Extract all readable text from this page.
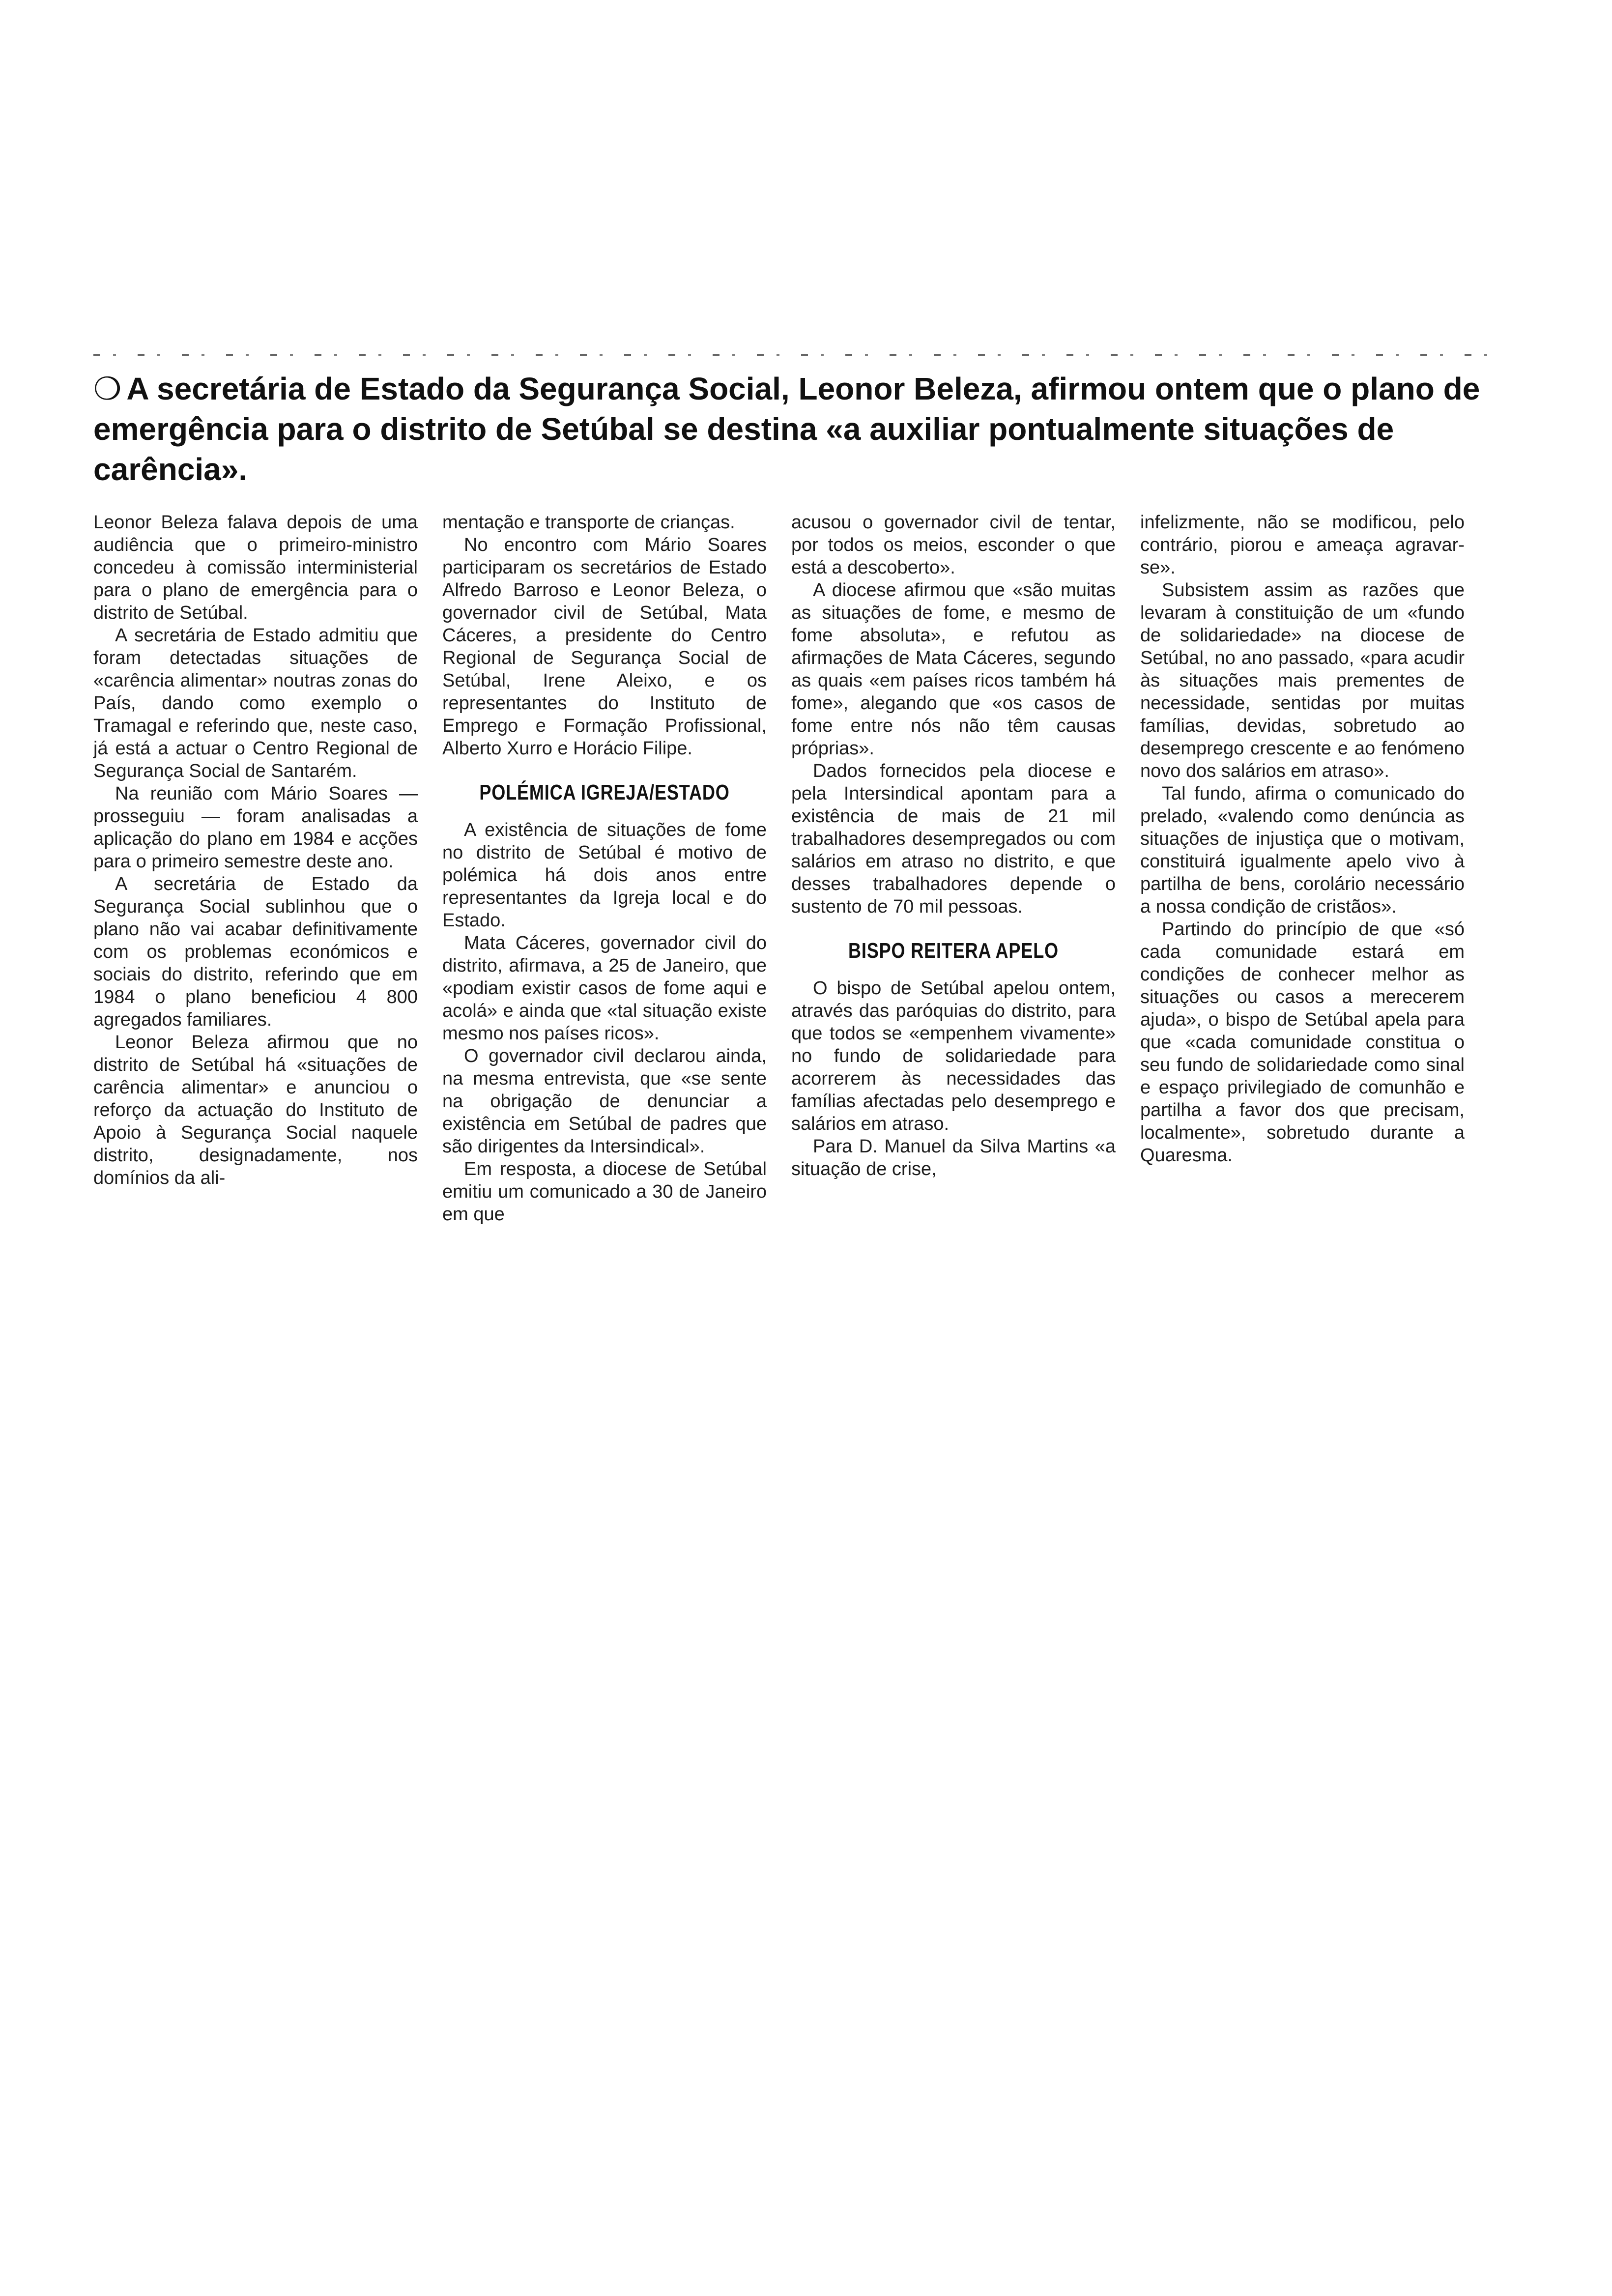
❍ A secretária de Estado da Segurança Social, Leonor Beleza, afirmou ontem que o plano de emergência para o distrito de Setúbal se destina «a auxiliar pontualmente situações de carência».

Leonor Beleza falava depois de uma audiência que o primeiro-ministro concedeu à comissão interministerial para o plano de emergência para o distrito de Setúbal.

A secretária de Estado admitiu que foram detectadas situações de «carência alimentar» noutras zonas do País, dando como exemplo o Tramagal e referindo que, neste caso, já está a actuar o Centro Regional de Segurança Social de Santarém.

Na reunião com Mário Soares — prosseguiu — foram analisadas a aplicação do plano em 1984 e acções para o primeiro semestre deste ano.

A secretária de Estado da Segurança Social sublinhou que o plano não vai acabar definitivamente com os problemas económicos e sociais do distrito, referindo que em 1984 o plano beneficiou 4 800 agregados familiares.

Leonor Beleza afirmou que no distrito de Setúbal há «situações de carência alimentar» e anunciou o reforço da actuação do Instituto de Apoio à Segurança Social naquele distrito, designadamente, nos domínios da ali-

mentação e transporte de crianças.

No encontro com Mário Soares participaram os secretários de Estado Alfredo Barroso e Leonor Beleza, o governador civil de Setúbal, Mata Cáceres, a presidente do Centro Regional de Segurança Social de Setúbal, Irene Aleixo, e os representantes do Instituto de Emprego e Formação Profissional, Alberto Xurro e Horácio Filipe.

POLÉMICA IGREJA/ESTADO

A existência de situações de fome no distrito de Setúbal é motivo de polémica há dois anos entre representantes da Igreja local e do Estado.

Mata Cáceres, governador civil do distrito, afirmava, a 25 de Janeiro, que «podiam existir casos de fome aqui e acolá» e ainda que «tal situação existe mesmo nos países ricos».

O governador civil declarou ainda, na mesma entrevista, que «se sente na obrigação de denunciar a existência em Setúbal de padres que são dirigentes da Intersindical».

Em resposta, a diocese de Setúbal emitiu um comunicado a 30 de Janeiro em que

acusou o governador civil de tentar, por todos os meios, esconder o que está a descoberto».

A diocese afirmou que «são muitas as situações de fome, e mesmo de fome absoluta», e refutou as afirmações de Mata Cáceres, segundo as quais «em países ricos também há fome», alegando que «os casos de fome entre nós não têm causas próprias».

Dados fornecidos pela diocese e pela Intersindical apontam para a existência de mais de 21 mil trabalhadores desempregados ou com salários em atraso no distrito, e que desses trabalhadores depende o sustento de 70 mil pessoas.

BISPO REITERA APELO

O bispo de Setúbal apelou ontem, através das paróquias do distrito, para que todos se «empenhem vivamente» no fundo de solidariedade para acorrerem às necessidades das famílias afectadas pelo desemprego e salários em atraso.

Para D. Manuel da Silva Martins «a situação de crise,

infelizmente, não se modificou, pelo contrário, piorou e ameaça agravar-se».

Subsistem assim as razões que levaram à constituição de um «fundo de solidariedade» na diocese de Setúbal, no ano passado, «para acudir às situações mais prementes de necessidade, sentidas por muitas famílias, devidas, sobretudo ao desemprego crescente e ao fenómeno novo dos salários em atraso».

Tal fundo, afirma o comunicado do prelado, «valendo como denúncia as situações de injustiça que o motivam, constituirá igualmente apelo vivo à partilha de bens, corolário necessário a nossa condição de cristãos».

Partindo do princípio de que «só cada comunidade estará em condições de conhecer melhor as situações ou casos a merecerem ajuda», o bispo de Setúbal apela para que «cada comunidade constitua o seu fundo de solidariedade como sinal e espaço privilegiado de comunhão e partilha a favor dos que precisam, localmente», sobretudo durante a Quaresma.
